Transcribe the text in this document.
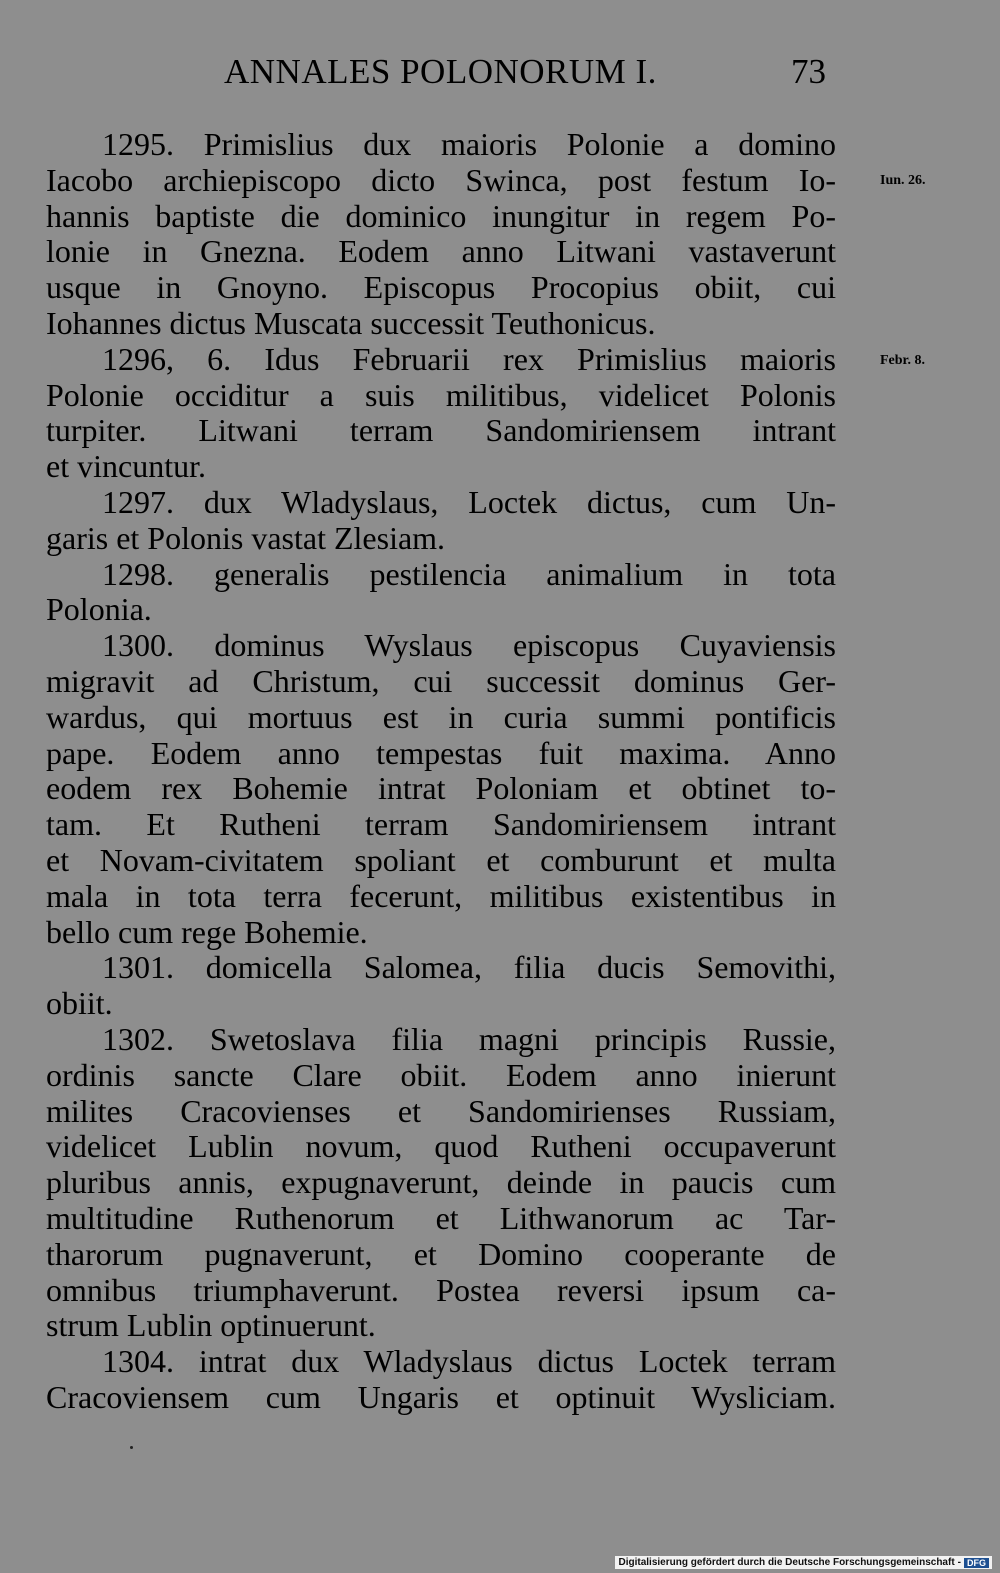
ANNALES POLONORUM I.	73
1295. Primislius dux maioris Polonie a domino
Iacobo archiepiscopo dicto Swinca, post festum Io-
hannis baptiste die dominico inungitur in regem Po-
lonie in Gnezna. Eodem anno Litwani vastaverunt
usque in Gnoyno. Episcopus Procopius obiit, cui
Iohannes dictus Muscata successit Teuthonicus.
Iun. 26.
1296, 6. Idus Februarii rex Primislius maioris
Polonie occiditur a suis militibus, videlicet Polonis
turpiter. Litwani terram Sandomiriensem intrant
et vincuntur.
Febr. 8.
1297. dux Wladyslaus, Loctek dictus, cum Un-
garis et Polonis vastat Zlesiam.
1298. generalis pestilencia animalium in tota
Polonia.
1300. dominus Wyslaus episcopus Cuyaviensis
migravit ad Christum, cui successit dominus Ger-
wardus, qui mortuus est in curia summi pontificis
pape. Eodem anno tempestas fuit maxima. Anno
eodem rex Bohemie intrat Poloniam et obtinet to-
tam. Et Rutheni terram Sandomiriensem intrant
et Novam-civitatem spoliant et comburunt et multa
mala in tota terra fecerunt, militibus existentibus in
bello cum rege Bohemie.
1301. domicella Salomea, filia ducis Semovithi,
obiit.
1302. Swetoslava filia magni principis Russie,
ordinis sancte Clare obiit. Eodem anno inierunt
milites Cracovienses et Sandomirienses Russiam,
videlicet Lublin novum, quod Rutheni occupaverunt
pluribus annis, expugnaverunt, deinde in paucis cum
multitudine Ruthenorum et Lithwanorum ac Tar-
tharorum pugnaverunt, et Domino cooperante de
omnibus triumphaverunt. Postea reversi ipsum ca-
strum Lublin optinuerunt.
1304. intrat dux Wladyslaus dictus Loctek terram
Cracoviensem cum Ungaris et optinuit Wysliciam.
Digitalisierung gefördert durch die Deutsche Forschungsgemeinschaft - DFG
